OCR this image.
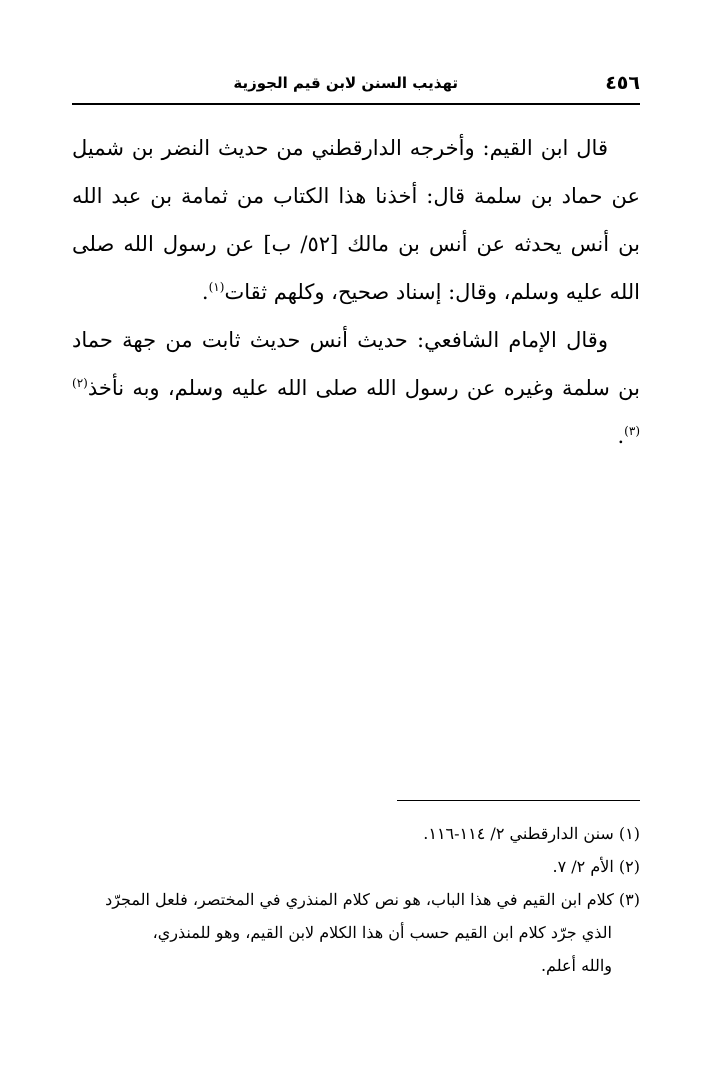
٤٥٦
تهذيب السنن لابن قيم الجوزية

قال ابن القيم: وأخرجه الدارقطني من حديث النضر بن شميل عن حماد بن سلمة قال: أخذنا هذا الكتاب من ثمامة بن عبد الله بن أنس يحدثه عن أنس بن مالك [٥٢/ ب] عن رسول الله صلى الله عليه وسلم، وقال: إسناد صحيح، وكلهم ثقات$^{(١)}$.

وقال الإمام الشافعي: حديث أنس حديث ثابت من جهة حماد بن سلمة وغيره عن رسول الله صلى الله عليه وسلم، وبه نأخذ$^{(٢) (٣)}$.

(١) سنن الدارقطني ٢/ ١١٤-١١٦.

(٢) الأم ٢/ ٧.

(٣) كلام ابن القيم في هذا الباب، هو نص كلام المنذري في المختصر، فلعل المجرّد

الذي جرّد كلام ابن القيم حسب أن هذا الكلام لابن القيم، وهو للمنذري،

والله أعلم.
